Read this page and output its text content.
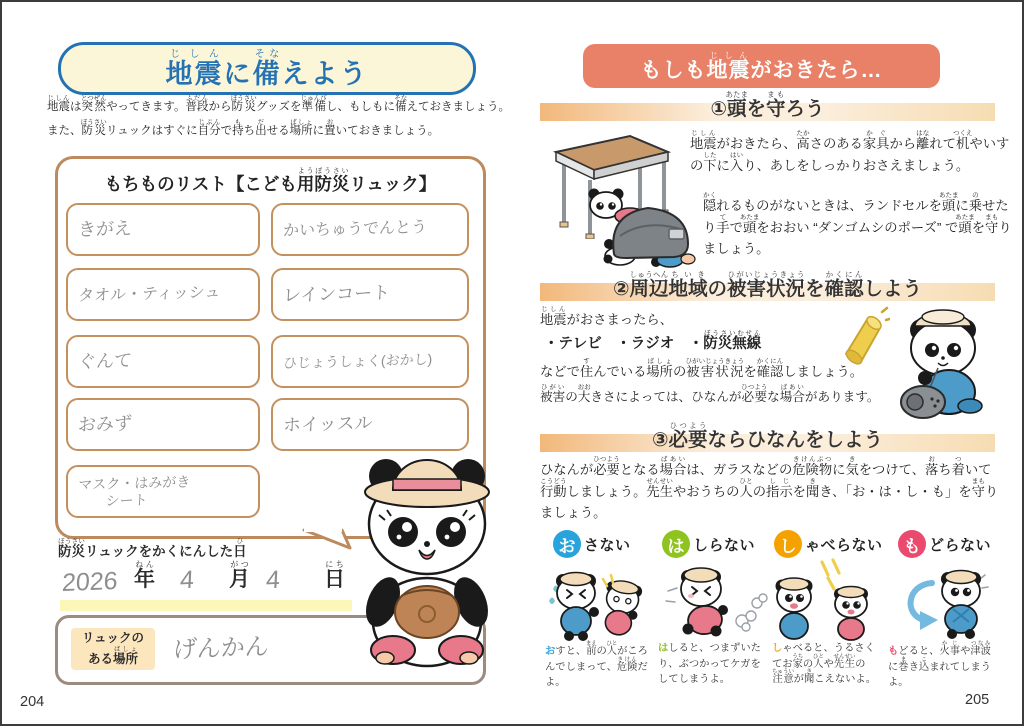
地震じしんに備そなえよう
地震じしんは突然とつぜんやってきます。普段ふだんから防災ぼうさいグッズを準備じゅんびし、もしもに備そなえておきましょう。
また、防災ぼうさいリュックはすぐに自分じぶんで持もち出だせる場所ばしょに置おいておきましょう。
もちものリスト【こども用よう防災ぼうさいリュック】
きがえ	かいちゅうでんとう
タオル・ティッシュ	レインコート
ぐんて	ひじょうしょく(おかし)
おみず	ホイッスル
マスク・はみがき
　　シート
防災ぼうさいリュックをかくにんした日ひ
2026 年ねん
4 月がつ
4 日にち
リュックの
ある場所ばしょ げんかん
204
もしも地震じしんがおきたら…
①頭あたまを守まもろう
地震じしんがおきたら、高たかさのある家具かぐから離はなれて机つくえやいすの下したに入はいり、あしをしっかりおさえましょう。
隠かくれるものがないときは、ランドセルを頭あたまに乗のせたり手てで頭あたまをおおい “ダンゴムシのポーズ” で頭あたまを守まもりましょう。
②周辺しゅうへん地域ちいきの被害状況ひがいじょうきょうを確認かくにんしよう
地震じしんがおさまったら、
・テレビ　・ラジオ　・防災無線ぼうさいむせん
などで住すんでいる場所ばしょの被害状況ひがいじょうきょうを確認かくにんしましょう。
被害ひがいの大おおきさによっては、ひなんが必要ひつような場合ばあいがあります。
③必要ひつようならひなんをしよう
ひなんが必要ひつようとなる場合ばあいは、ガラスなどの危険物きけんぶつに気きをつけて、落おち着ついて行動こうどうしましょう。先生せんせいやおうちの人ひとの指示しじを聞きき、「お・は・し・も」を守まもりましょう。
お さない	は しらない	し ゃべらない	も どらない
おすと、前まえの人ひとがころんでしまって、危険きけんだよ。
はしると、つまずいたり、ぶつかってケガをしてしまうよ。
しゃべると、うるさくてお家うちの人ひとや先生せんせいの注意ちゅういが聞きこえないよ。
もどると、火事かじや津波つなみに巻まき込こまれてしまうよ。
205
